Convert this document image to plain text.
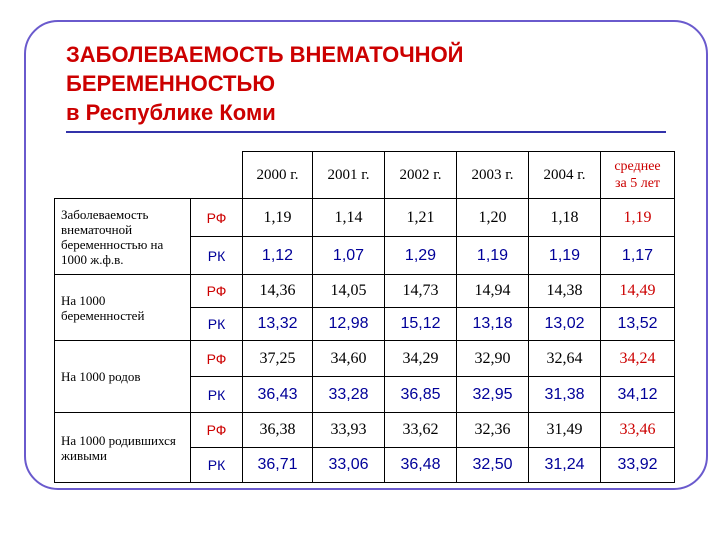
ЗАБОЛЕВАЕМОСТЬ ВНЕМАТОЧНОЙ
БЕРЕМЕННОСТЬЮ
в Республике Коми
		2000 г.	2001 г.	2002 г.	2003 г.	2004 г.	среднее
за 5 лет
Заболеваемость внематочной беременностью на 1000 ж.ф.в.	РФ	1,19	1,14	1,21	1,20	1,18	1,19
	РК	1,12	1,07	1,29	1,19	1,19	1,17
На 1000 беременностей	РФ	14,36	14,05	14,73	14,94	14,38	14,49
	РК	13,32	12,98	15,12	13,18	13,02	13,52
На 1000 родов	РФ	37,25	34,60	34,29	32,90	32,64	34,24
	РК	36,43	33,28	36,85	32,95	31,38	34,12
На 1000 родившихся живыми	РФ	36,38	33,93	33,62	32,36	31,49	33,46
	РК	36,71	33,06	36,48	32,50	31,24	33,92
